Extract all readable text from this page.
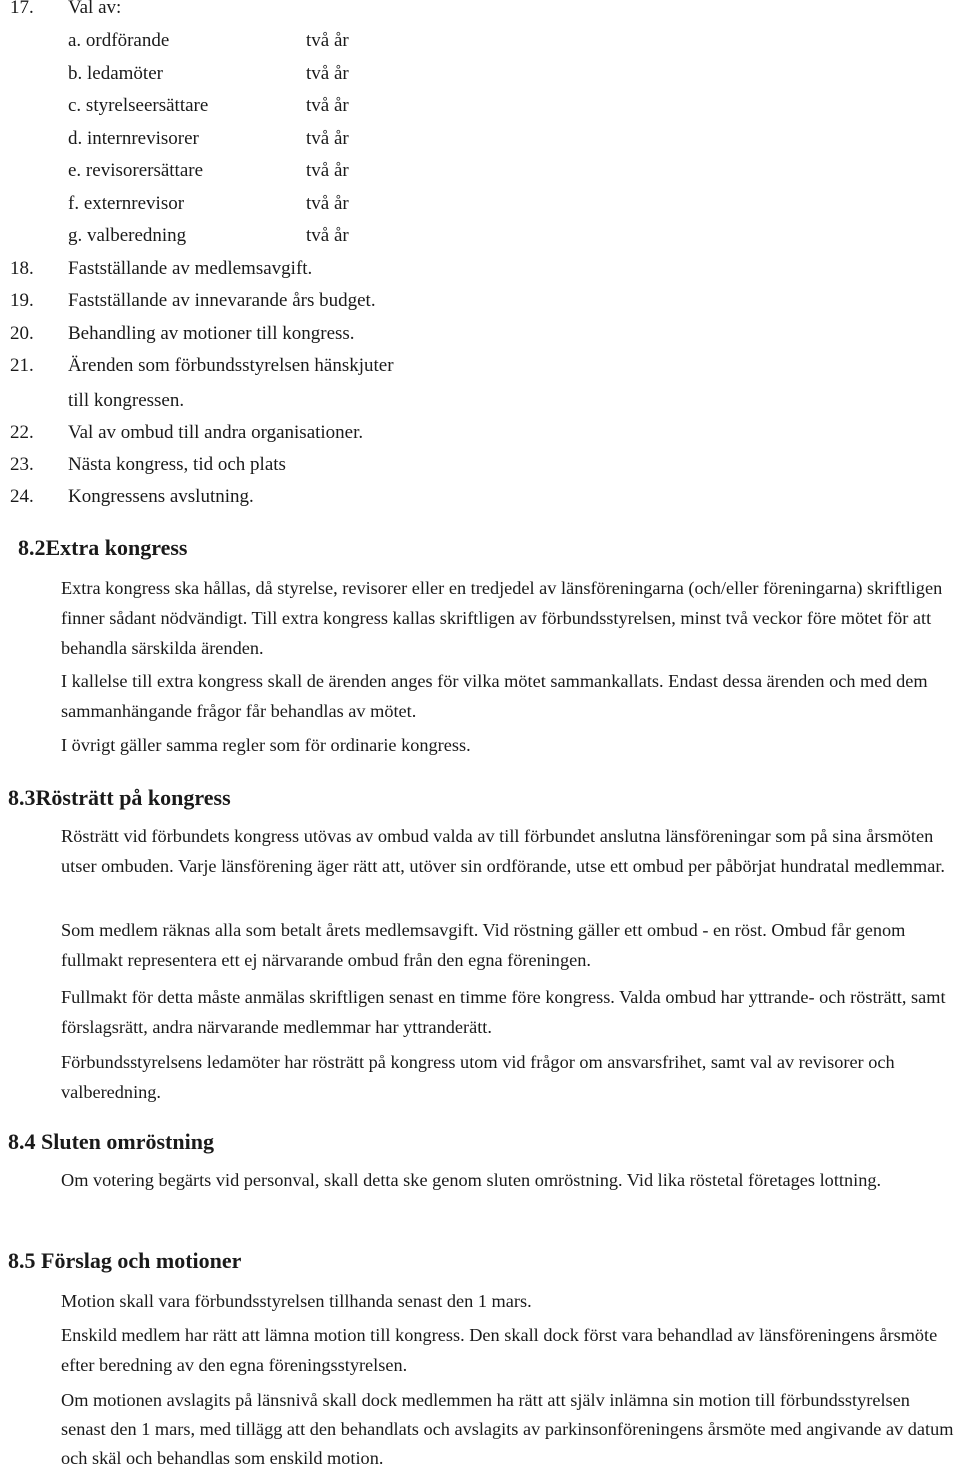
17. Val av:
a. ordförande	två år
b. ledamöter	två år
c. styrelseersättare	två år
d. internrevisorer	två år
e. revisorersättare	två år
f. externrevisor	två år
g. valberedning	två år
18. Fastställande av medlemsavgift.
19. Fastställande av innevarande års budget.
20. Behandling av motioner till kongress.
21. Ärenden som förbundsstyrelsen hänskjuter
till kongressen.
22. Val av ombud till andra organisationer.
23. Nästa kongress, tid och plats
24. Kongressens avslutning.
8.2Extra kongress
Extra kongress ska hållas, då styrelse, revisorer eller en tredjedel av länsföreningarna (och/eller föreningarna) skriftligen finner sådant nödvändigt. Till extra kongress kallas skriftligen av förbundsstyrelsen, minst två veckor före mötet för att behandla särskilda ärenden.
I kallelse till extra kongress skall de ärenden anges för vilka mötet sammankallats. Endast dessa ärenden och med dem sammanhängande frågor får behandlas av mötet.
I övrigt gäller samma regler som för ordinarie kongress.
8.3Rösträtt på kongress
Rösträtt vid förbundets kongress utövas av ombud valda av till förbundet anslutna länsföreningar som på sina årsmöten utser ombuden. Varje länsförening äger rätt att, utöver sin ordförande, utse ett ombud per påbörjat hundratal medlemmar.
Som medlem räknas alla som betalt årets medlemsavgift. Vid röstning gäller ett ombud - en röst. Ombud får genom fullmakt representera ett ej närvarande ombud från den egna föreningen.
Fullmakt för detta måste anmälas skriftligen senast en timme före kongress. Valda ombud har yttrande- och rösträtt, samt förslagsrätt, andra närvarande medlemmar har yttranderätt.
Förbundsstyrelsens ledamöter har rösträtt på kongress utom vid frågor om ansvarsfrihet, samt val av revisorer och valberedning.
8.4 Sluten omröstning
Om votering begärts vid personval, skall detta ske genom sluten omröstning. Vid lika röstetal företages lottning.
8.5 Förslag och motioner
Motion skall vara förbundsstyrelsen tillhanda senast den 1 mars.
Enskild medlem har rätt att lämna motion till kongress. Den skall dock först vara behandlad av länsföreningens årsmöte efter beredning av den egna föreningsstyrelsen.
Om motionen avslagits på länsnivå skall dock medlemmen ha rätt att själv inlämna sin motion till förbundsstyrelsen senast den 1 mars, med tillägg att den behandlats och avslagits av parkinsonföreningens årsmöte med angivande av datum och skäl och behandlas som enskild motion.
